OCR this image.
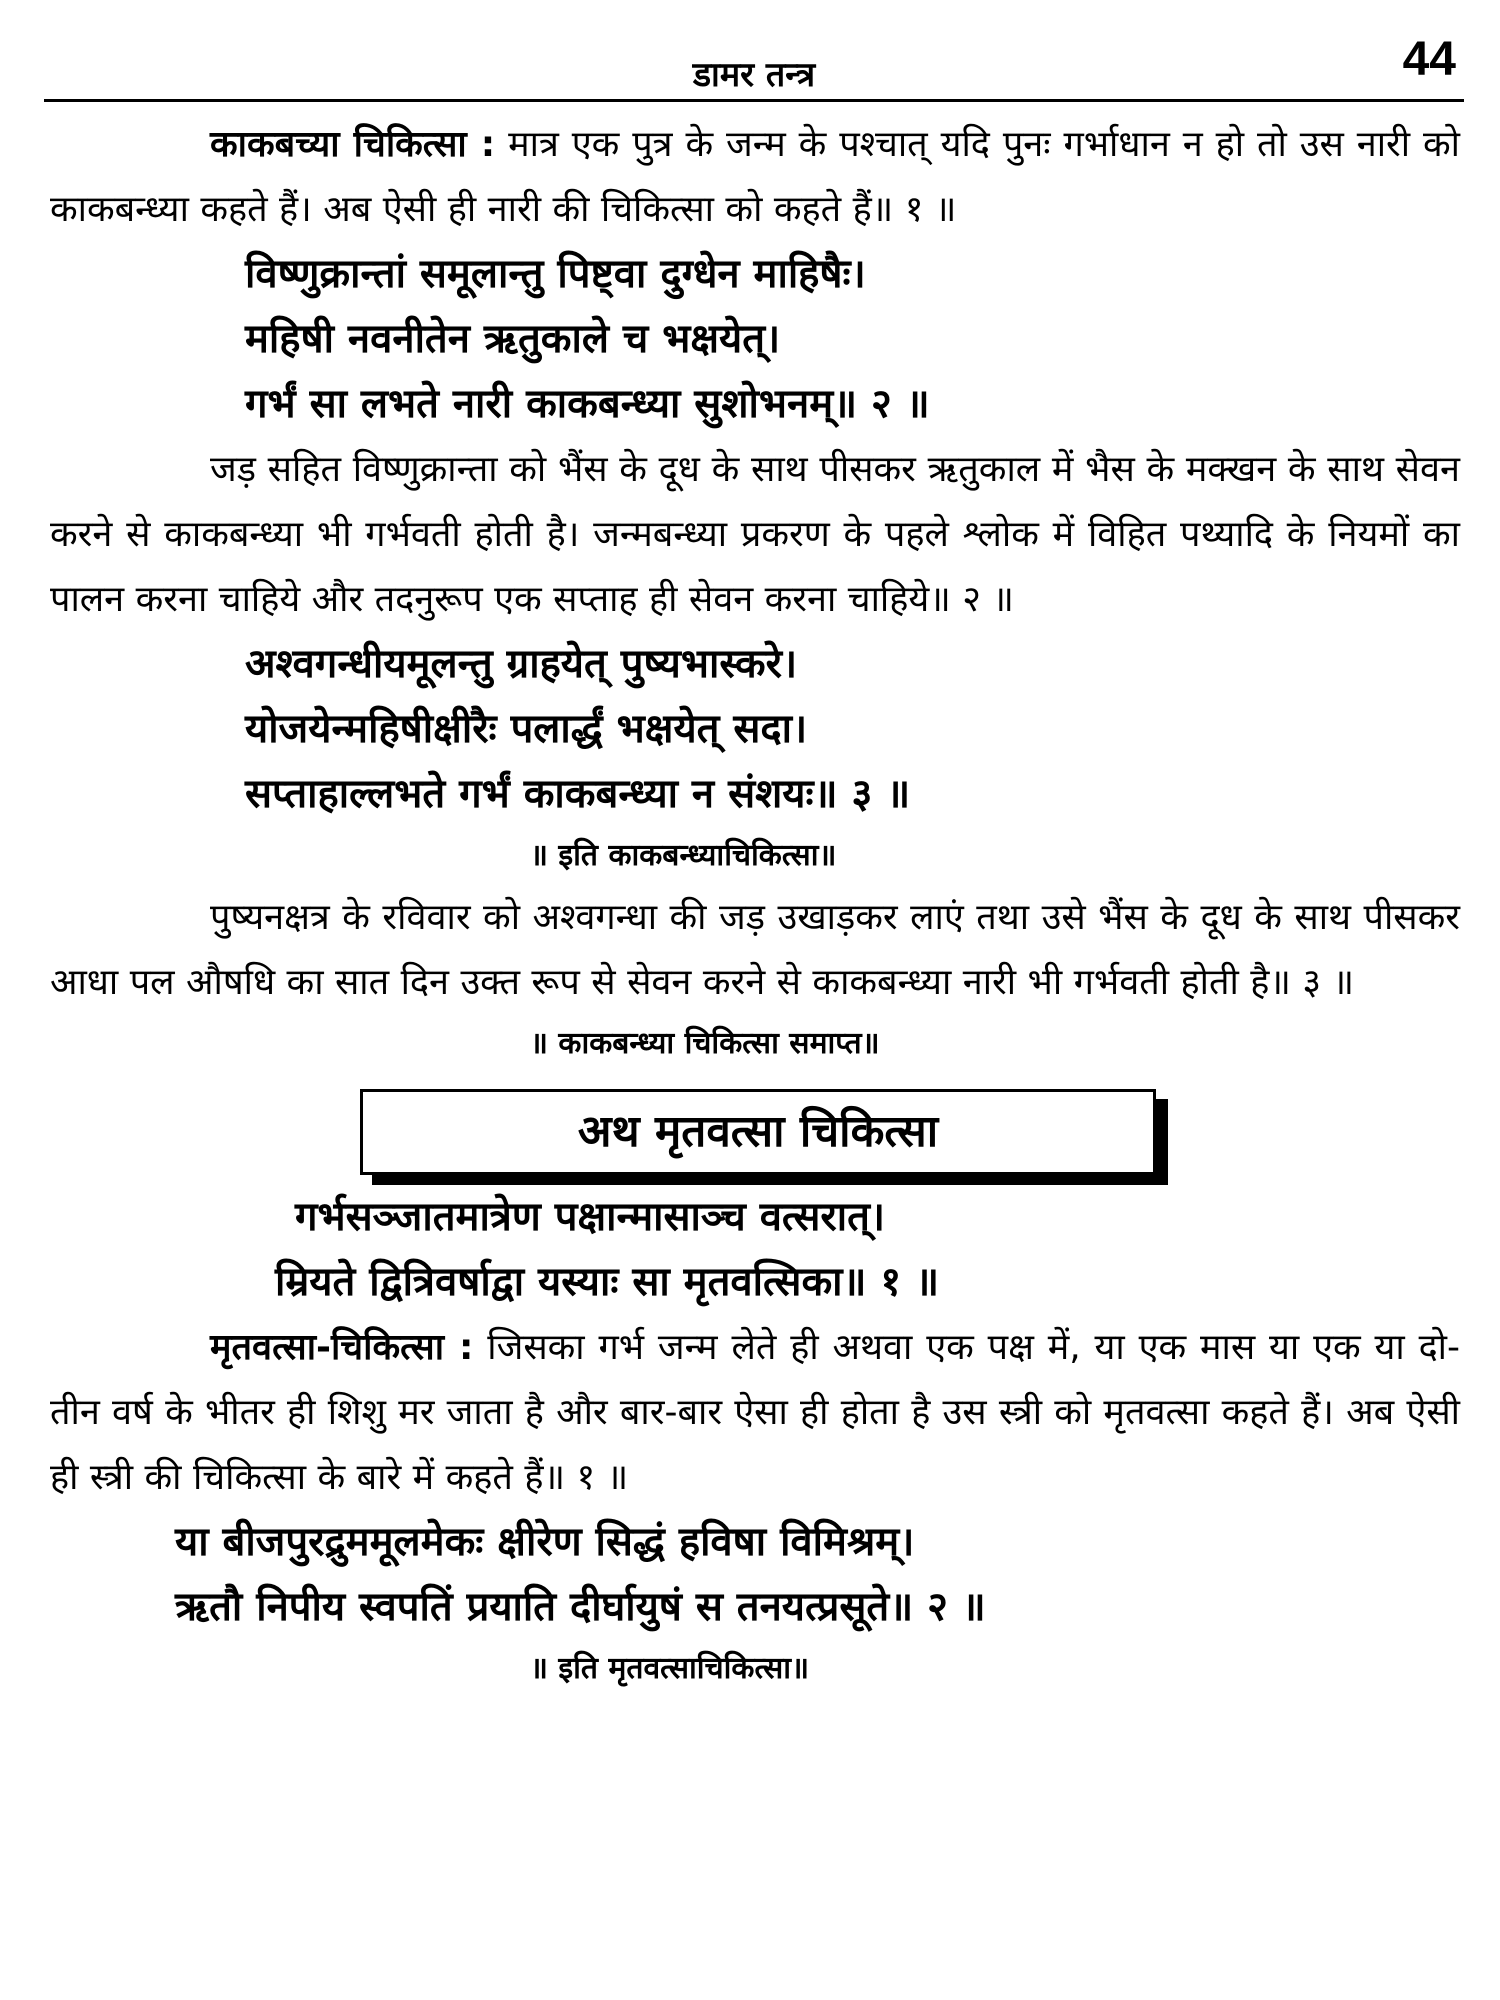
डामर तन्त्र	44

काकबच्या चिकित्सा : मात्र एक पुत्र के जन्म के पश्चात् यदि पुनः गर्भाधान न हो तो उस नारी को काकबन्ध्या कहते हैं। अब ऐसी ही नारी की चिकित्सा को कहते हैं॥ १ ॥

विष्णुक्रान्तां समूलान्तु पिष्ट्वा दुग्धेन माहिषैः।

महिषी नवनीतेन ऋतुकाले च भक्षयेत्।

गर्भं सा लभते नारी काकबन्ध्या सुशोभनम्॥ २ ॥

जड़ सहित विष्णुक्रान्ता को भैंस के दूध के साथ पीसकर ऋतुकाल में भैस के मक्खन के साथ सेवन करने से काकबन्ध्या भी गर्भवती होती है। जन्मबन्ध्या प्रकरण के पहले श्लोक में विहित पथ्यादि के नियमों का पालन करना चाहिये और तदनुरूप एक सप्ताह ही सेवन करना चाहिये॥ २ ॥

अश्वगन्धीयमूलन्तु ग्राहयेत् पुष्यभास्करे।

योजयेन्महिषीक्षीरैः पलार्द्धं भक्षयेत् सदा।

सप्ताहाल्लभते गर्भं काकबन्ध्या न संशयः॥ ३ ॥

॥ इति काकबन्ध्याचिकित्सा॥

पुष्यनक्षत्र के रविवार को अश्वगन्धा की जड़ उखाड़कर लाएं तथा उसे भैंस के दूध के साथ पीसकर आधा पल औषधि का सात दिन उक्त रूप से सेवन करने से काकबन्ध्या नारी भी गर्भवती होती है॥ ३ ॥

॥ काकबन्ध्या चिकित्सा समाप्त॥

अथ मृतवत्सा चिकित्सा

गर्भसञ्जातमात्रेण पक्षान्मासाञ्च वत्सरात्।

म्रियते द्वित्रिवर्षाद्वा यस्याः सा मृतवत्सिका॥ १ ॥

मृतवत्सा-चिकित्सा : जिसका गर्भ जन्म लेते ही अथवा एक पक्ष में, या एक मास या एक या दो-तीन वर्ष के भीतर ही शिशु मर जाता है और बार-बार ऐसा ही होता है उस स्त्री को मृतवत्सा कहते हैं। अब ऐसी ही स्त्री की चिकित्सा के बारे में कहते हैं॥ १ ॥

या बीजपुरद्रुममूलमेकः क्षीरेण सिद्धं हविषा विमिश्रम्।

ऋतौ निपीय स्वपतिं प्रयाति दीर्घायुषं स तनयत्प्रसूते॥ २ ॥

॥ इति मृतवत्साचिकित्सा॥
